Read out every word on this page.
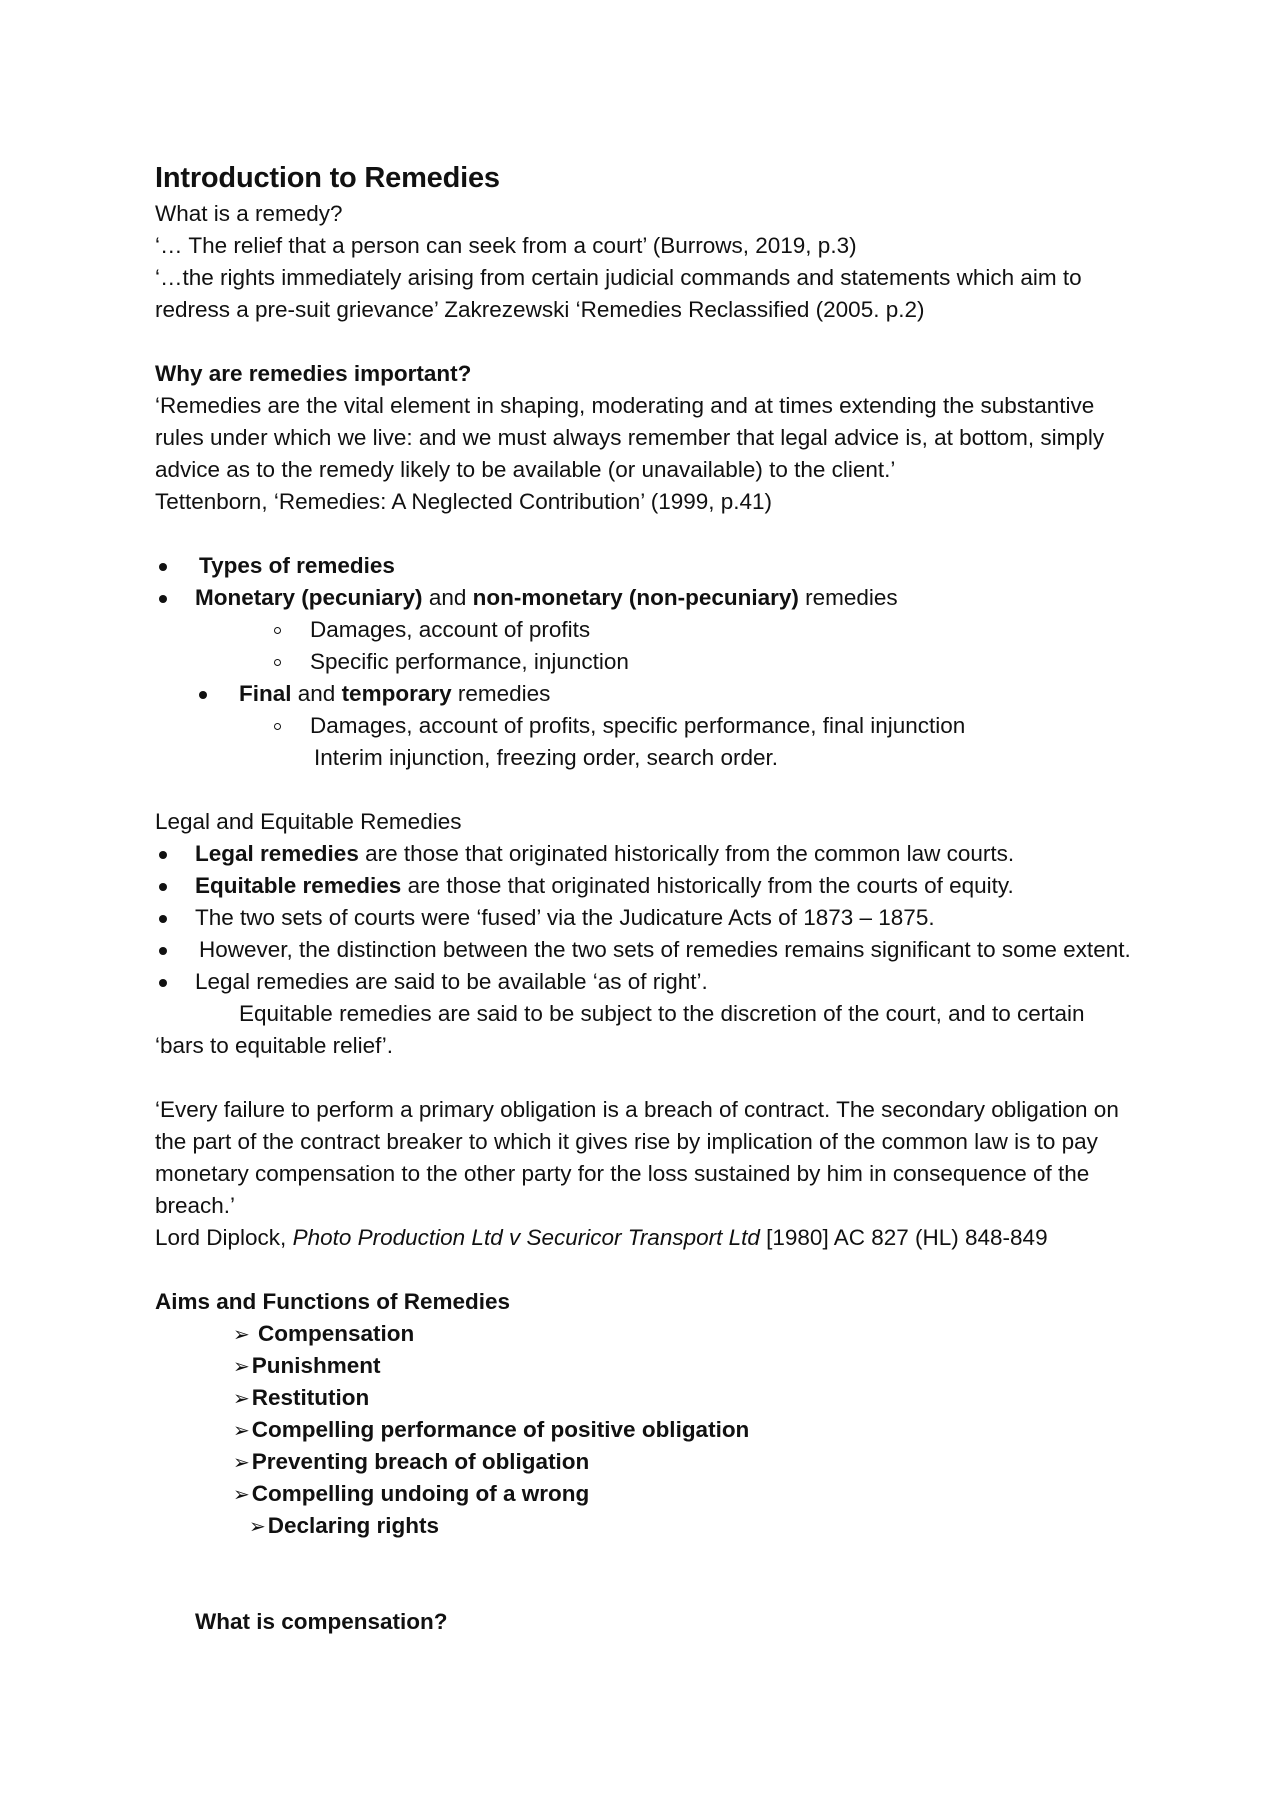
Introduction to Remedies

What is a remedy?

‘… The relief that a person can seek from a court’ (Burrows, 2019, p.3)

‘…the rights immediately arising from certain judicial commands and statements which aim to redress a pre-suit grievance’ Zakrezewski ‘Remedies Reclassified (2005. p.2)

Why are remedies important?

‘Remedies are the vital element in shaping, moderating and at times extending the substantive rules under which we live: and we must always remember that legal advice is, at bottom, simply advice as to the remedy likely to be available (or unavailable) to the client.’

Tettenborn, ‘Remedies: A Neglected Contribution’ (1999, p.41)

Types of remedies
Monetary (pecuniary) and non-monetary (non-pecuniary) remedies
Damages, account of profits
Specific performance, injunction
Final and temporary remedies
Damages, account of profits, specific performance, final injunction
Interim injunction, freezing order, search order.

Legal and Equitable Remedies

Legal remedies are those that originated historically from the common law courts.
Equitable remedies are those that originated historically from the courts of equity.
The two sets of courts were ‘fused’ via the Judicature Acts of 1873 – 1875.
However, the distinction between the two sets of remedies remains significant to some extent.
Legal remedies are said to be available ‘as of right’.

Equitable remedies are said to be subject to the discretion of the court, and to certain ‘bars to equitable relief’.

‘Every failure to perform a primary obligation is a breach of contract. The secondary obligation on the part of the contract breaker to which it gives rise by implication of the common law is to pay monetary compensation to the other party for the loss sustained by him in consequence of the breach.’

Lord Diplock, Photo Production Ltd v Securicor Transport Ltd [1980] AC 827 (HL) 848-849

Aims and Functions of Remedies

➢ Compensation
➢Punishment
➢Restitution
➢Compelling performance of positive obligation
➢Preventing breach of obligation
➢Compelling undoing of a wrong
➢Declaring rights

What is compensation?
